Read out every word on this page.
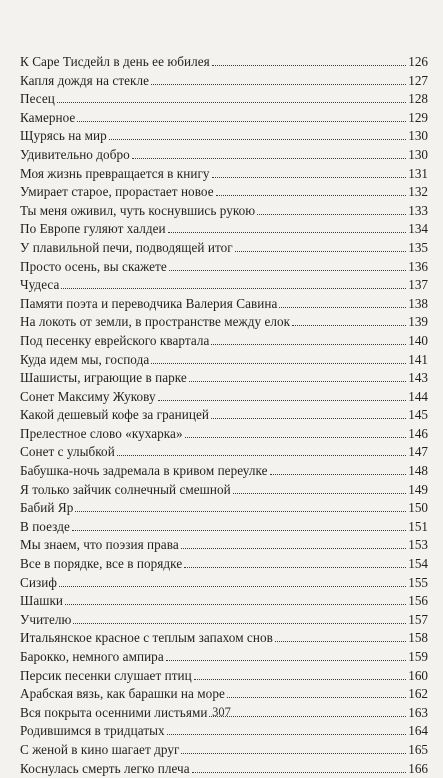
К Саре Тисдейл в день ее юбилея	126
Капля дождя на стекле	127
Песец	128
Камерное	129
Щурясь на мир	130
Удивительно добро	130
Моя жизнь превращается в книгу	131
Умирает старое, прорастает новое	132
Ты меня оживил, чуть коснувшись рукою	133
По Европе гуляют халдеи	134
У плавильной печи, подводящей итог	135
Просто осень, вы скажете	136
Чудеса	137
Памяти поэта и переводчика Валерия Савина	138
На локоть от земли, в пространстве между елок	139
Под песенку еврейского квартала	140
Куда идем мы, господа	141
Шашисты, играющие в парке	143
Сонет Максиму Жукову	144
Какой дешевый кофе за границей	145
Прелестное слово «кухарка»	146
Сонет с улыбкой	147
Бабушка-ночь задремала в кривом переулке	148
Я только зайчик солнечный смешной	149
Бабий Яр	150
В поезде	151
Мы знаем, что поэзия права	153
Все в порядке, все в порядке	154
Сизиф	155
Шашки	156
Учителю	157
Итальянское красное с теплым запахом снов	158
Барокко, немного ампира	159
Персик песенки слушает птиц	160
Арабская вязь, как барашки на море	162
Вся покрыта осенними листьями	163
Родившимся в тридцатых	164
С женой в кино шагает друг	165
Коснулась смерть легко плеча	166
307
